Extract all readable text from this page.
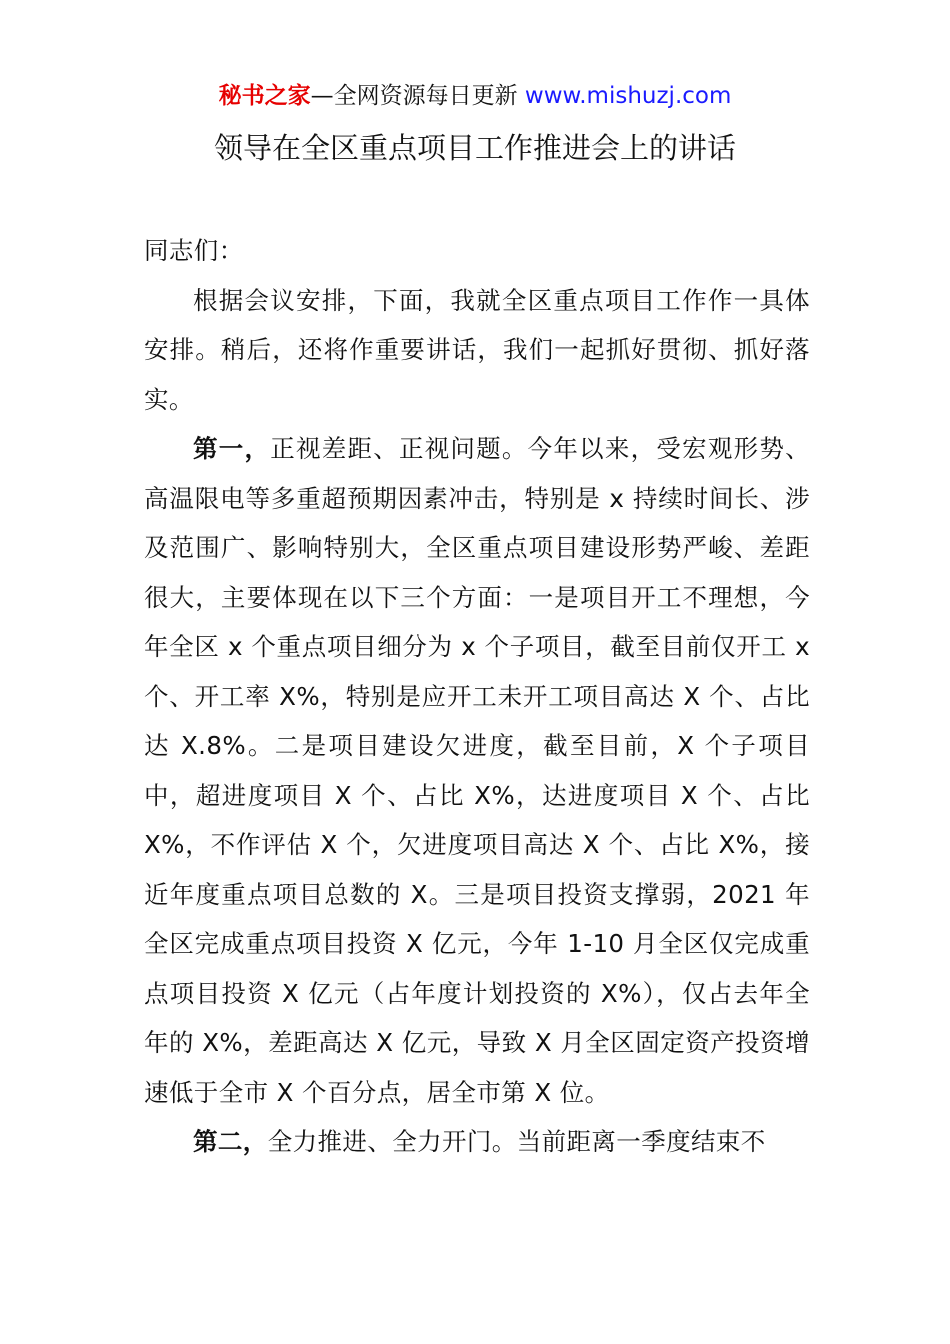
秘书之家—全网资源每日更新 www.mishuzj.com
领导在全区重点项目工作推进会上的讲话

同志们：

根据会议安排，下面，我就全区重点项目工作作一具体安排。稍后，还将作重要讲话，我们一起抓好贯彻、抓好落实。

第一，正视差距、正视问题。今年以来，受宏观形势、高温限电等多重超预期因素冲击，特别是 x 持续时间长、涉及范围广、影响特别大，全区重点项目建设形势严峻、差距很大，主要体现在以下三个方面：一是项目开工不理想，今年全区 x 个重点项目细分为 x 个子项目，截至目前仅开工 x 个、开工率 X%，特别是应开工未开工项目高达 X 个、占比达 X.8%。二是项目建设欠进度，截至目前，X 个子项目中，超进度项目 X 个、占比 X%，达进度项目 X 个、占比 X%，不作评估 X 个，欠进度项目高达 X 个、占比 X%，接近年度重点项目总数的 X。三是项目投资支撑弱，2021 年全区完成重点项目投资 X 亿元，今年 1-10 月全区仅完成重点项目投资 X 亿元（占年度计划投资的 X%），仅占去年全年的 X%，差距高达 X 亿元，导致 X 月全区固定资产投资增速低于全市 X 个百分点，居全市第 X 位。

第二，全力推进、全力开门。当前距离一季度结束不
